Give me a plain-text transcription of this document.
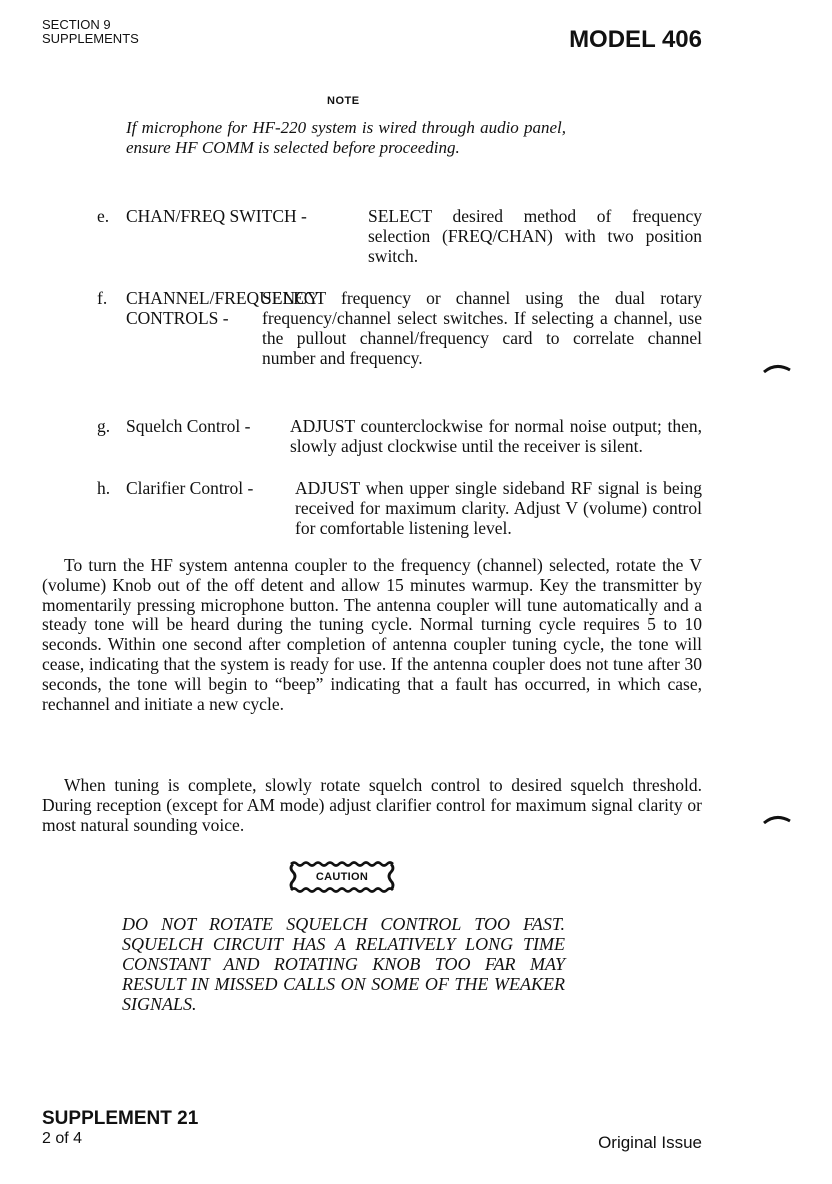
SECTION 9
SUPPLEMENTS	MODEL 406
NOTE
If microphone for HF-220 system is wired through audio panel, ensure HF COMM is selected before proceeding.
e. CHAN/FREQ SWITCH -	SELECT desired method of frequency selection (FREQ/CHAN) with two position switch.
f. CHANNEL/FREQUENCY
CONTROLS -
SELECT frequency or channel using the dual rotary frequency/channel select switches. If selecting a channel, use the pullout channel/frequency card to correlate channel number and frequency.
g. Squelch Control - ADJUST counterclockwise for normal noise output; then, slowly adjust clockwise until the receiver is silent.
h. Clarifier Control - ADJUST when upper single sideband RF signal is being received for maximum clarity. Adjust V (volume) control for comfortable listening level.
To turn the HF system antenna coupler to the frequency (channel) selected, rotate the V (volume) Knob out of the off detent and allow 15 minutes warmup. Key the transmitter by momentarily pressing microphone button. The antenna coupler will tune automatically and a steady tone will be heard during the tuning cycle. Normal turning cycle requires 5 to 10 seconds. Within one second after completion of antenna coupler tuning cycle, the tone will cease, indicating that the system is ready for use. If the antenna coupler does not tune after 30 seconds, the tone will begin to “beep” indicating that a fault has occurred, in which case, rechannel and initiate a new cycle.
When tuning is complete, slowly rotate squelch control to desired squelch threshold. During reception (except for AM mode) adjust clarifier control for maximum signal clarity or most natural sounding voice.
CAUTION
DO NOT ROTATE SQUELCH CONTROL TOO FAST. SQUELCH CIRCUIT HAS A RELATIVELY LONG TIME CONSTANT AND ROTATING KNOB TOO FAR MAY RESULT IN MISSED CALLS ON SOME OF THE WEAKER SIGNALS.
SUPPLEMENT 21
2 of 4	Original Issue
